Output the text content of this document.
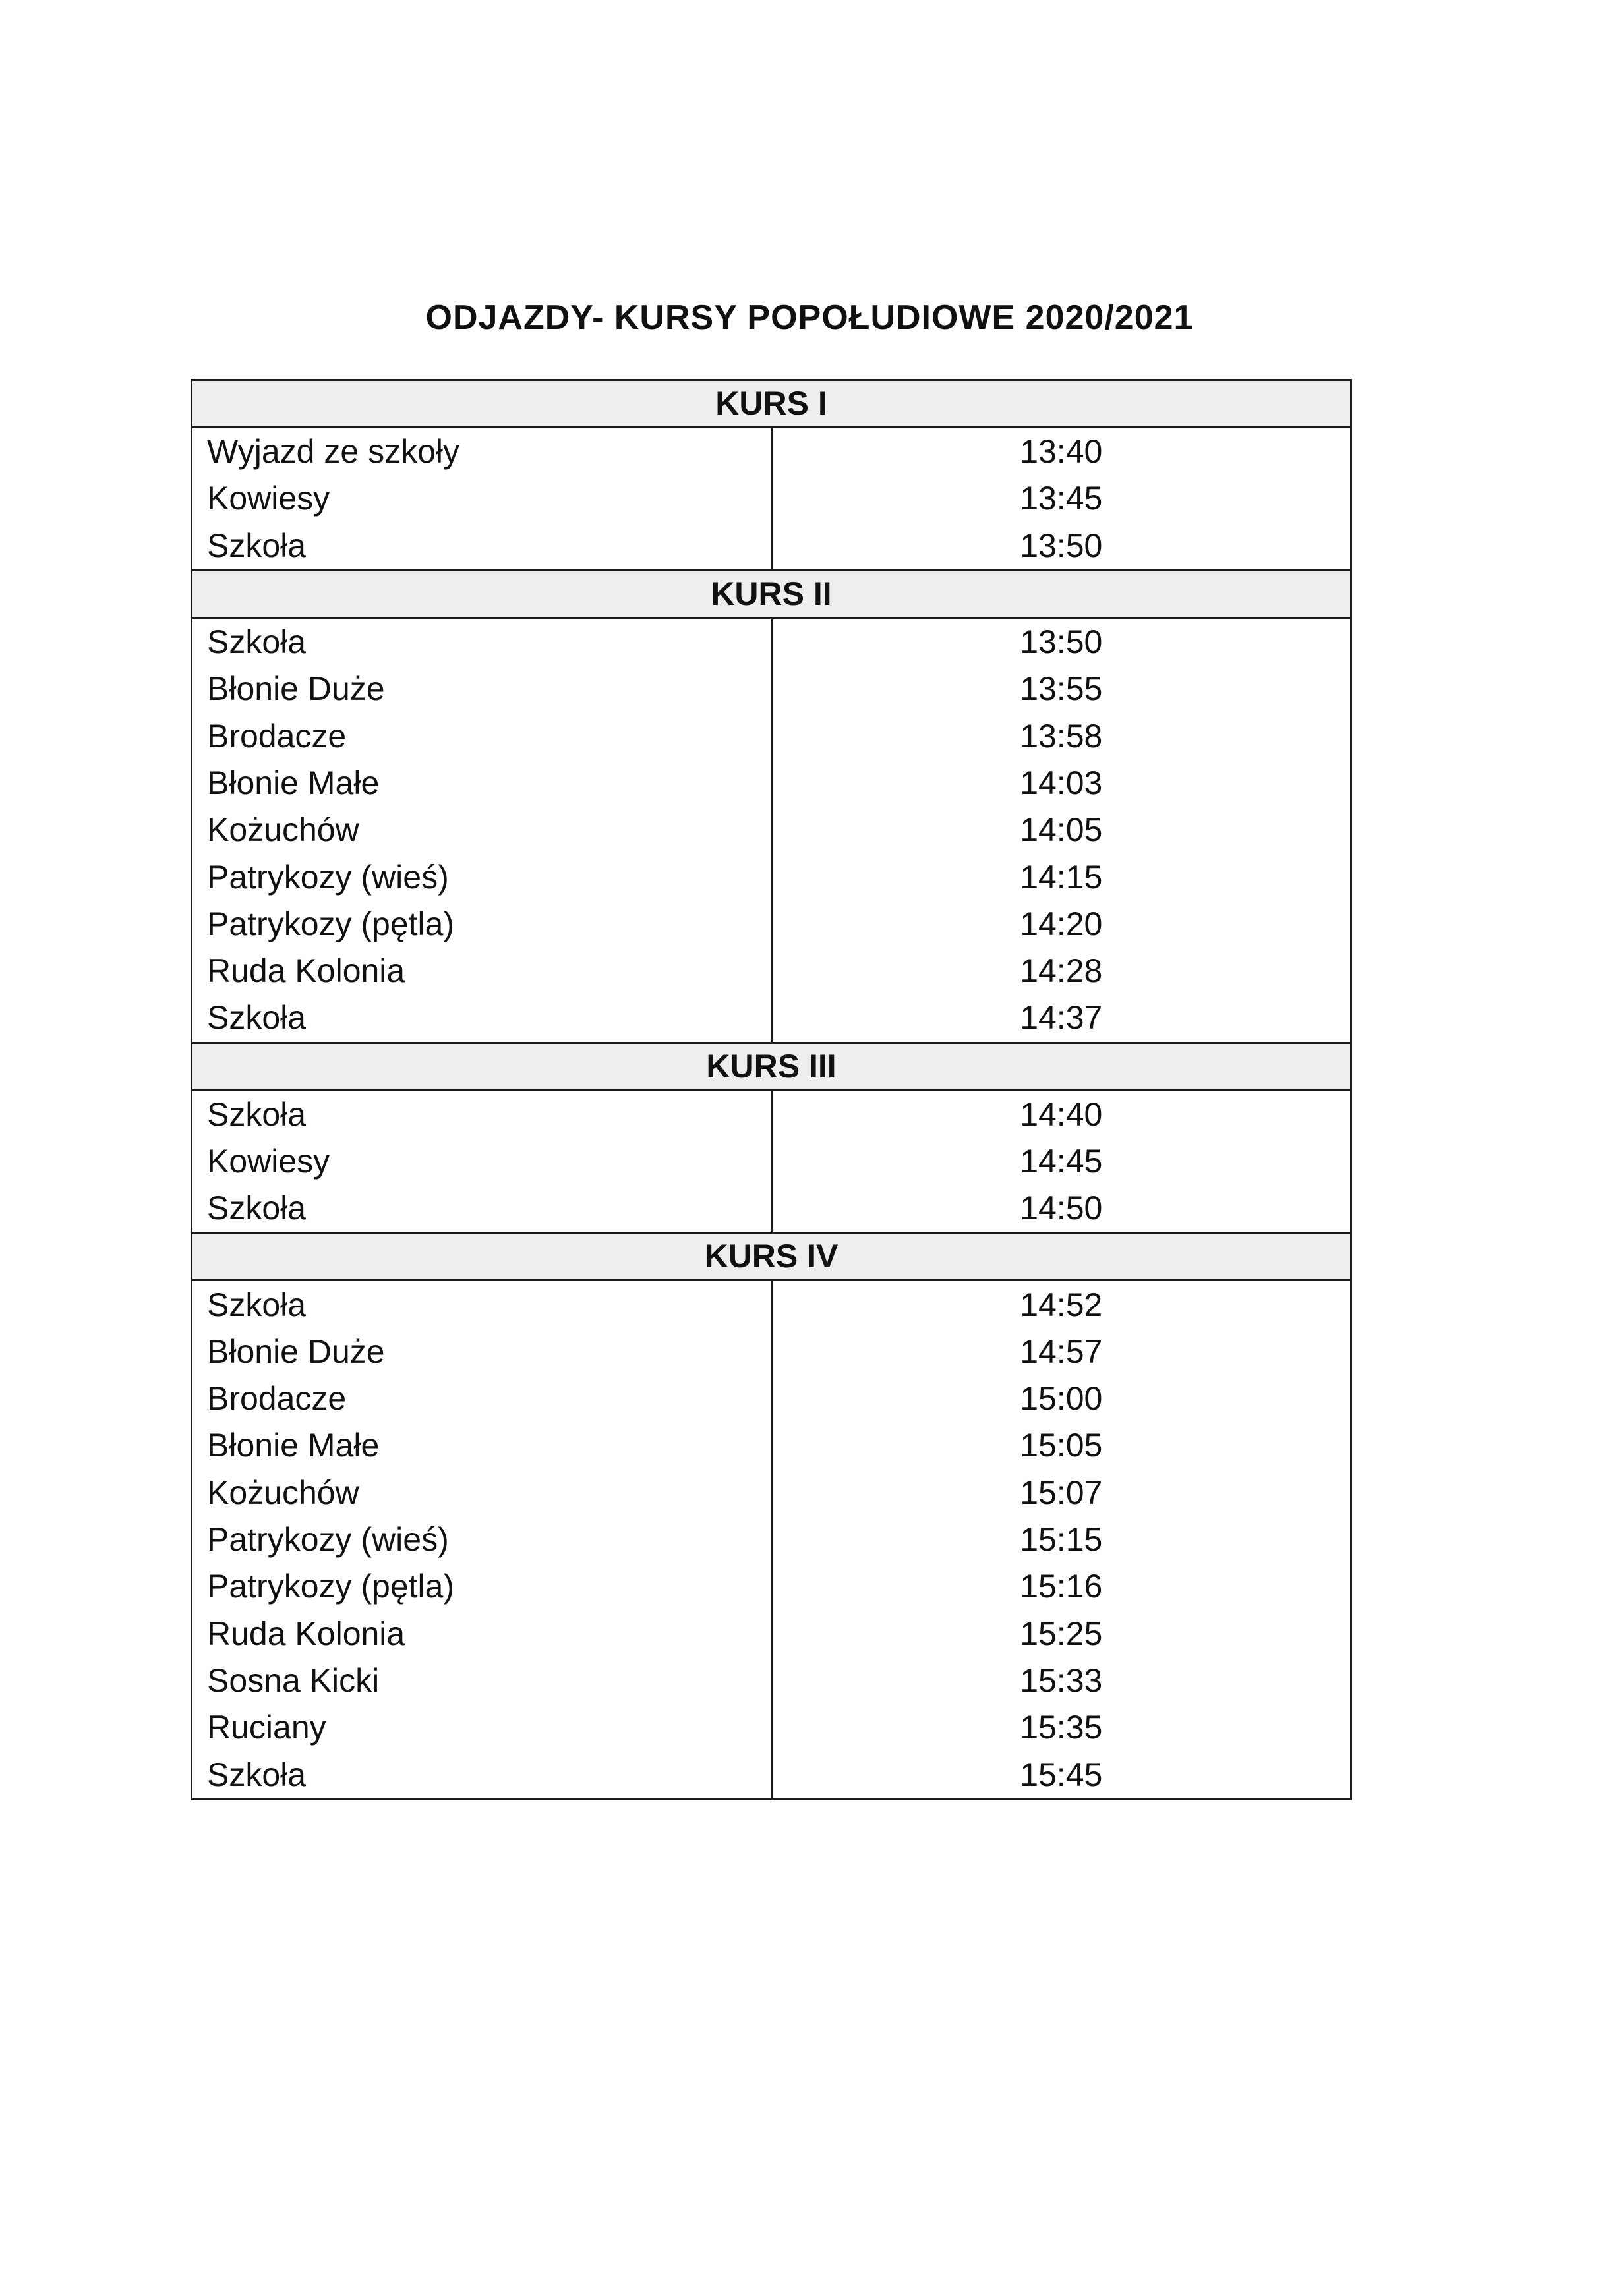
ODJAZDY- KURSY POPOŁUDIOWE 2020/2021
KURS I	
Wyjazd ze szkoły	13:40
Kowiesy	13:45
Szkoła	13:50
KURS II	
Szkoła	13:50
Błonie Duże	13:55
Brodacze	13:58
Błonie Małe	14:03
Kożuchów	14:05
Patrykozy (wieś)	14:15
Patrykozy (pętla)	14:20
Ruda Kolonia	14:28
Szkoła	14:37
KURS III	
Szkoła	14:40
Kowiesy	14:45
Szkoła	14:50
KURS IV	
Szkoła	14:52
Błonie Duże	14:57
Brodacze	15:00
Błonie Małe	15:05
Kożuchów	15:07
Patrykozy (wieś)	15:15
Patrykozy (pętla)	15:16
Ruda Kolonia	15:25
Sosna Kicki	15:33
Ruciany	15:35
Szkoła	15:45
